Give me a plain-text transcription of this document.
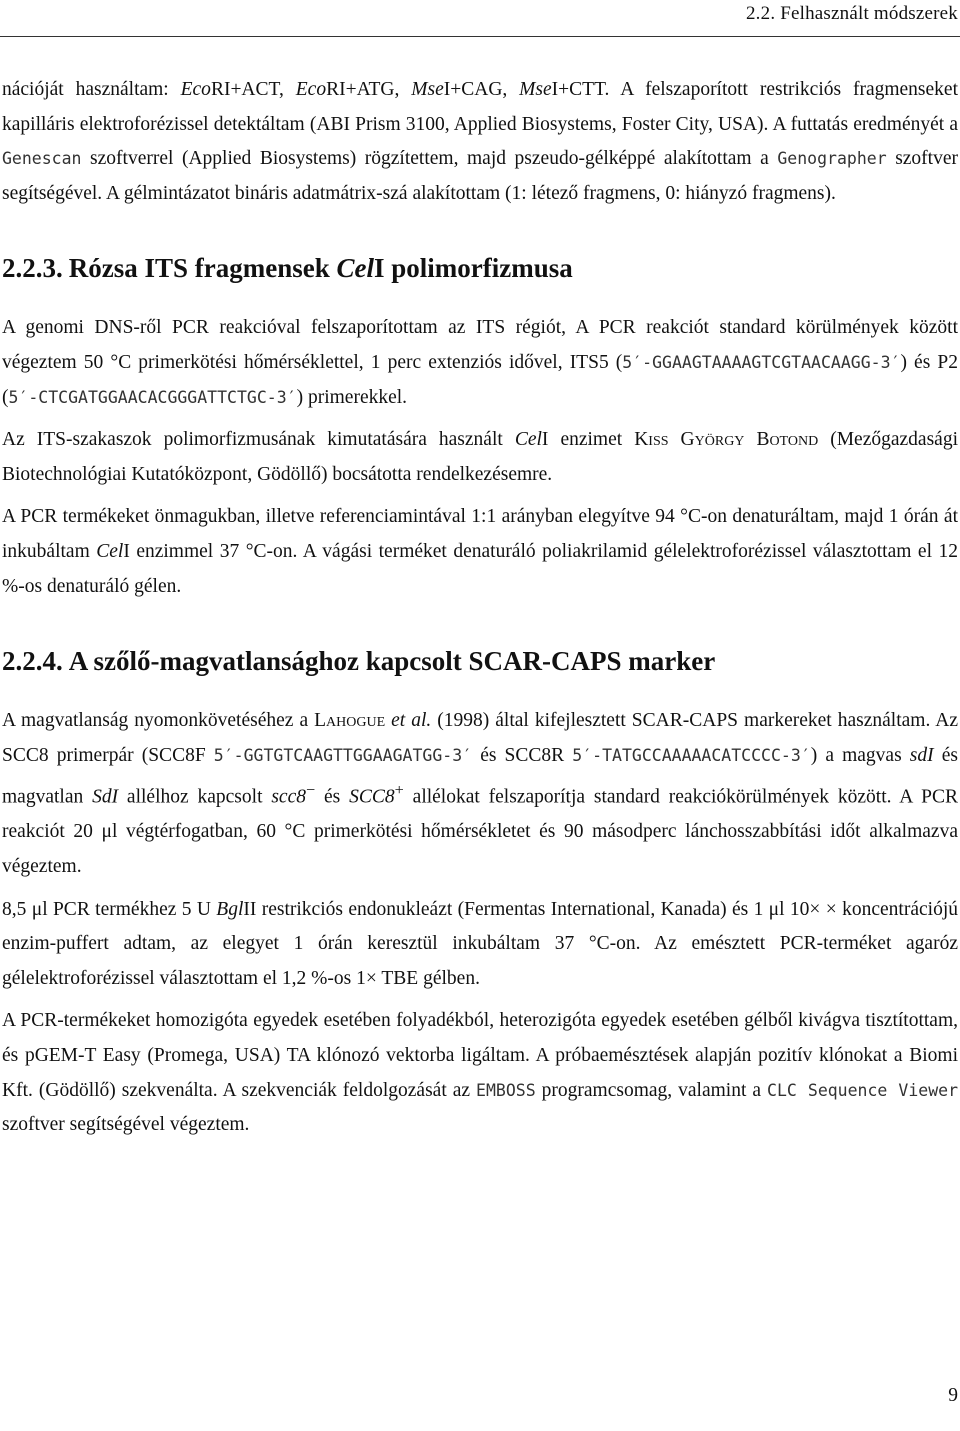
2.2. Felhasznált módszerek

nációját használtam: EcoRI+ACT, EcoRI+ATG, MseI+CAG, MseI+CTT. A felszaporított restrikciós fragmenseket kapilláris elektroforézissel detektáltam (ABI Prism 3100, Applied Biosystems, Foster City, USA). A futtatás eredményét a Genescan szoftverrel (Applied Biosystems) rögzítettem, majd pszeudo-gélképpé alakítottam a Genographer szoftver segítségével. A gélmintázatot bináris adatmátrix-szá alakítottam (1: létező fragmens, 0: hiányzó fragmens).

2.2.3. Rózsa ITS fragmensek CelI polimorfizmusa

A genomi DNS-ről PCR reakcióval felszaporítottam az ITS régiót, A PCR reakciót standard körülmények között végeztem 50 °C primerkötési hőmérséklettel, 1 perc extenziós idővel, ITS5 (5′-GGAAGTAAAAGTCGTAACAAGG-3′) és P2 (5′-CTCGATGGAACACGGGATTCTGC-3′) primerekkel.

Az ITS-szakaszok polimorfizmusának kimutatására használt CelI enzimet Kiss György Botond (Mezőgazdasági Biotechnológiai Kutatóközpont, Gödöllő) bocsátotta rendelkezésemre.

A PCR termékeket önmagukban, illetve referenciamintával 1:1 arányban elegyítve 94 °C-on denaturáltam, majd 1 órán át inkubáltam CelI enzimmel 37 °C-on. A vágási terméket denaturáló poliakrilamid gélelektroforézissel választottam el 12 %-os denaturáló gélen.

2.2.4. A szőlő-magvatlansághoz kapcsolt SCAR-CAPS marker

A magvatlanság nyomonkövetéséhez a Lahogue et al. (1998) által kifejlesztett SCAR-CAPS markereket használtam. Az SCC8 primerpár (SCC8F 5′-GGTGTCAAGTTGGAAGATGG-3′ és SCC8R 5′-TATGCCAAAAACATCCCC-3′) a magvas sdI és magvatlan SdI allélhoz kapcsolt scc8− és SCC8+ allélokat felszaporítja standard reakciókörülmények között. A PCR reakciót 20 μl végtérfogatban, 60 °C primerkötési hőmérsékletet és 90 másodperc lánchosszabbítási időt alkalmazva végeztem.

8,5 μl PCR termékhez 5 U BglII restrikciós endonukleázt (Fermentas International, Kanada) és 1 μl 10× × koncentrációjú enzim-puffert adtam, az elegyet 1 órán keresztül inkubáltam 37 °C-on. Az emésztett PCR-terméket agaróz gélelektroforézissel választottam el 1,2 %-os 1× TBE gélben.

A PCR-termékeket homozigóta egyedek esetében folyadékból, heterozigóta egyedek esetében gélből kivágva tisztítottam, és pGEM-T Easy (Promega, USA) TA klónozó vektorba ligáltam. A próbaemésztések alapján pozitív klónokat a Biomi Kft. (Gödöllő) szekvenálta. A szekvenciák feldolgozását az EMBOSS programcsomag, valamint a CLC Sequence Viewer szoftver segítségével végeztem.

9
